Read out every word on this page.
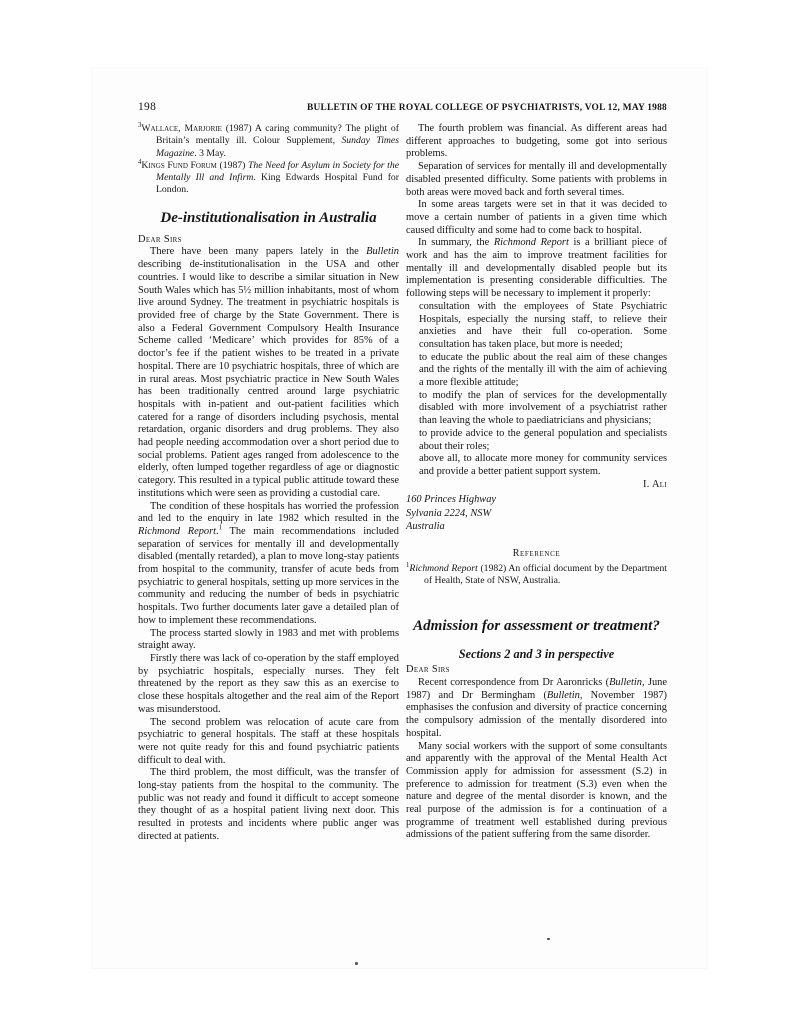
198	BULLETIN OF THE ROYAL COLLEGE OF PSYCHIATRISTS, VOL 12, MAY 1988

$^3$Wallace, Marjorie (1987) A caring community? The plight of Britain’s mentally ill. Colour Supplement, Sunday Times Magazine. 3 May.

$^4$Kings Fund Forum (1987) The Need for Asylum in Society for the Mentally Ill and Infirm. King Edwards Hospital Fund for London.

De-institutionalisation in Australia

Dear Sirs

There have been many papers lately in the Bulletin describing de-institutionalisation in the USA and other countries. I would like to describe a similar situation in New South Wales which has 5½ million inhabitants, most of whom live around Sydney. The treatment in psychiatric hospitals is provided free of charge by the State Government. There is also a Federal Government Compulsory Health Insurance Scheme called ‘Medicare’ which provides for 85% of a doctor’s fee if the patient wishes to be treated in a private hospital. There are 10 psychiatric hospitals, three of which are in rural areas. Most psychiatric practice in New South Wales has been traditionally centred around large psychiatric hospitals with in-patient and out-patient facilities which catered for a range of disorders including psychosis, mental retardation, organic disorders and drug problems. They also had people needing accommodation over a short period due to social problems. Patient ages ranged from adolescence to the elderly, often lumped together regardless of age or diagnostic category. This resulted in a typical public attitude toward these institutions which were seen as providing a custodial care.

The condition of these hospitals has worried the profession and led to the enquiry in late 1982 which resulted in the Richmond Report.$^1$ The main recommendations included separation of services for mentally ill and developmentally disabled (mentally retarded), a plan to move long-stay patients from hospital to the community, transfer of acute beds from psychiatric to general hospitals, setting up more services in the community and reducing the number of beds in psychiatric hospitals. Two further documents later gave a detailed plan of how to implement these recommendations.

The process started slowly in 1983 and met with problems straight away.

Firstly there was lack of co-operation by the staff employed by psychiatric hospitals, especially nurses. They felt threatened by the report as they saw this as an exercise to close these hospitals altogether and the real aim of the Report was misunderstood.

The second problem was relocation of acute care from psychiatric to general hospitals. The staff at these hospitals were not quite ready for this and found psychiatric patients difficult to deal with.

The third problem, the most difficult, was the transfer of long-stay patients from the hospital to the community. The public was not ready and found it difficult to accept someone they thought of as a hospital patient living next door. This resulted in protests and incidents where public anger was directed at patients.

The fourth problem was financial. As different areas had different approaches to budgeting, some got into serious problems.

Separation of services for mentally ill and developmentally disabled presented difficulty. Some patients with problems in both areas were moved back and forth several times.

In some areas targets were set in that it was decided to move a certain number of patients in a given time which caused difficulty and some had to come back to hospital.

In summary, the Richmond Report is a brilliant piece of work and has the aim to improve treatment facilities for mentally ill and developmentally disabled people but its implementation is presenting considerable difficulties. The following steps will be necessary to implement it properly:

consultation with the employees of State Psychiatric Hospitals, especially the nursing staff, to relieve their anxieties and have their full co-operation. Some consultation has taken place, but more is needed;

to educate the public about the real aim of these changes and the rights of the mentally ill with the aim of achieving a more flexible attitude;

to modify the plan of services for the developmentally disabled with more involvement of a psychiatrist rather than leaving the whole to paediatricians and physicians;

to provide advice to the general population and specialists about their roles;

above all, to allocate more money for community services and provide a better patient support system.

I. Ali

160 Princes Highway

Sylvania 2224, NSW

Australia

Reference

$^1$Richmond Report (1982) An official document by the Department of Health, State of NSW, Australia.

Admission for assessment or treatment?
Sections 2 and 3 in perspective

Dear Sirs

Recent correspondence from Dr Aaronricks (Bulletin, June 1987) and Dr Bermingham (Bulletin, November 1987) emphasises the confusion and diversity of practice concerning the compulsory admission of the mentally disordered into hospital.

Many social workers with the support of some consultants and apparently with the approval of the Mental Health Act Commission apply for admission for assessment (S.2) in preference to admission for treatment (S.3) even when the nature and degree of the mental disorder is known, and the real purpose of the admission is for a continuation of a programme of treatment well established during previous admissions of the patient suffering from the same disorder.
